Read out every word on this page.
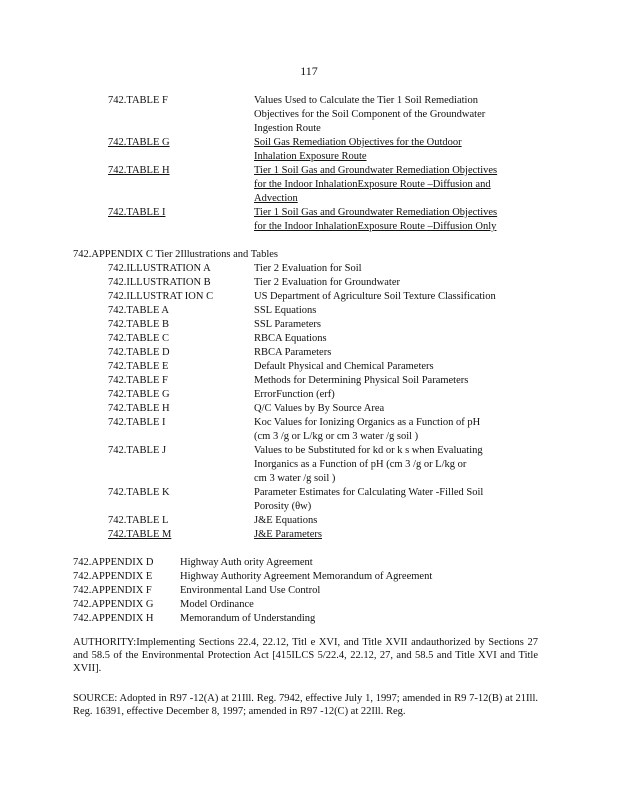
117
742.TABLE F	Values Used to Calculate the Tier 1 Soil Remediation
Objectives for the Soil Component of the Groundwater
Ingestion Route
742.TABLE G	Soil Gas Remediation Objectives for the Outdoor
Inhalation Exposure Route
742.TABLE H	Tier 1 Soil Gas and Groundwater Remediation Objectives
for the Indoor InhalationExposure Route –Diffusion and
Advection
742.TABLE I	Tier 1 Soil Gas and Groundwater Remediation Objectives
for the Indoor InhalationExposure Route –Diffusion Only
742.APPENDIX C Tier 2Illustrations and Tables
742.ILLUSTRATION A	Tier 2 Evaluation for Soil
742.ILLUSTRATION B	Tier 2 Evaluation for Groundwater
742.ILLUSTRAT ION C	US Department of Agriculture Soil Texture Classification
742.TABLE A	SSL Equations
742.TABLE B	SSL Parameters
742.TABLE C	RBCA Equations
742.TABLE D	RBCA Parameters
742.TABLE E	Default Physical and Chemical Parameters
742.TABLE F	Methods for Determining Physical Soil Parameters
742.TABLE G	ErrorFunction (erf)
742.TABLE H	Q/C Values by By Source Area
742.TABLE I	Koc Values for Ionizing Organics as a Function of pH
(cm 3 /g or L/kg or cm 3 water /g soil )
742.TABLE J	Values to be Substituted for kd or k s when Evaluating
Inorganics as a Function of pH (cm 3 /g or L/kg or
cm 3 water /g soil )
742.TABLE K	Parameter Estimates for Calculating Water -Filled Soil
Porosity (θw)
742.TABLE L	J&E Equations
742.TABLE M	J&E Parameters
742.APPENDIX D	Highway Auth ority Agreement
742.APPENDIX E	Highway Authority Agreement Memorandum of Agreement
742.APPENDIX F	Environmental Land Use Control
742.APPENDIX G	Model Ordinance
742.APPENDIX H	Memorandum of Understanding
AUTHORITY:Implementing Sections 22.4, 22.12, Titl e XVI, and Title XVII andauthorized by Sections 27 and 58.5 of the Environmental Protection Act [415ILCS 5/22.4, 22.12, 27, and 58.5 and Title XVI and Title XVII].
SOURCE: Adopted in R97 -12(A) at 21Ill. Reg. 7942, effective July 1, 1997; amended in R9 7-12(B) at 21Ill. Reg. 16391, effective December 8, 1997; amended in R97 -12(C) at 22Ill. Reg.
